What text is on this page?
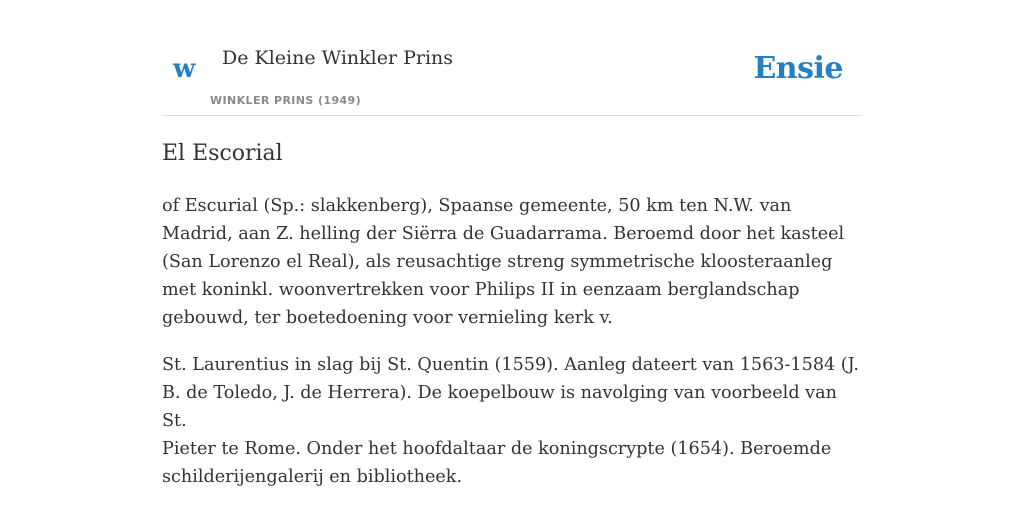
w De Kleine Winkler Prins
WINKLER PRINS (1949)
Ensie
El Escorial

of Escurial (Sp.: slakkenberg), Spaanse gemeente, 50 km ten N.W. van Madrid, aan Z. helling der Siërra de Guadarrama. Beroemd door het kasteel (San Lorenzo el Real), als reusachtige streng symmetrische kloosteraanleg met koninkl. woonvertrekken voor Philips II in eenzaam berglandschap gebouwd, ter boetedoening voor vernieling kerk v.

St. Laurentius in slag bij St. Quentin (1559). Aanleg dateert van 1563-1584 (J. B. de Toledo, J. de Herrera). De koepelbouw is navolging van voorbeeld van St.

Pieter te Rome. Onder het hoofdaltaar de koningscrypte (1654). Beroemde schilderijengalerij en bibliotheek.
